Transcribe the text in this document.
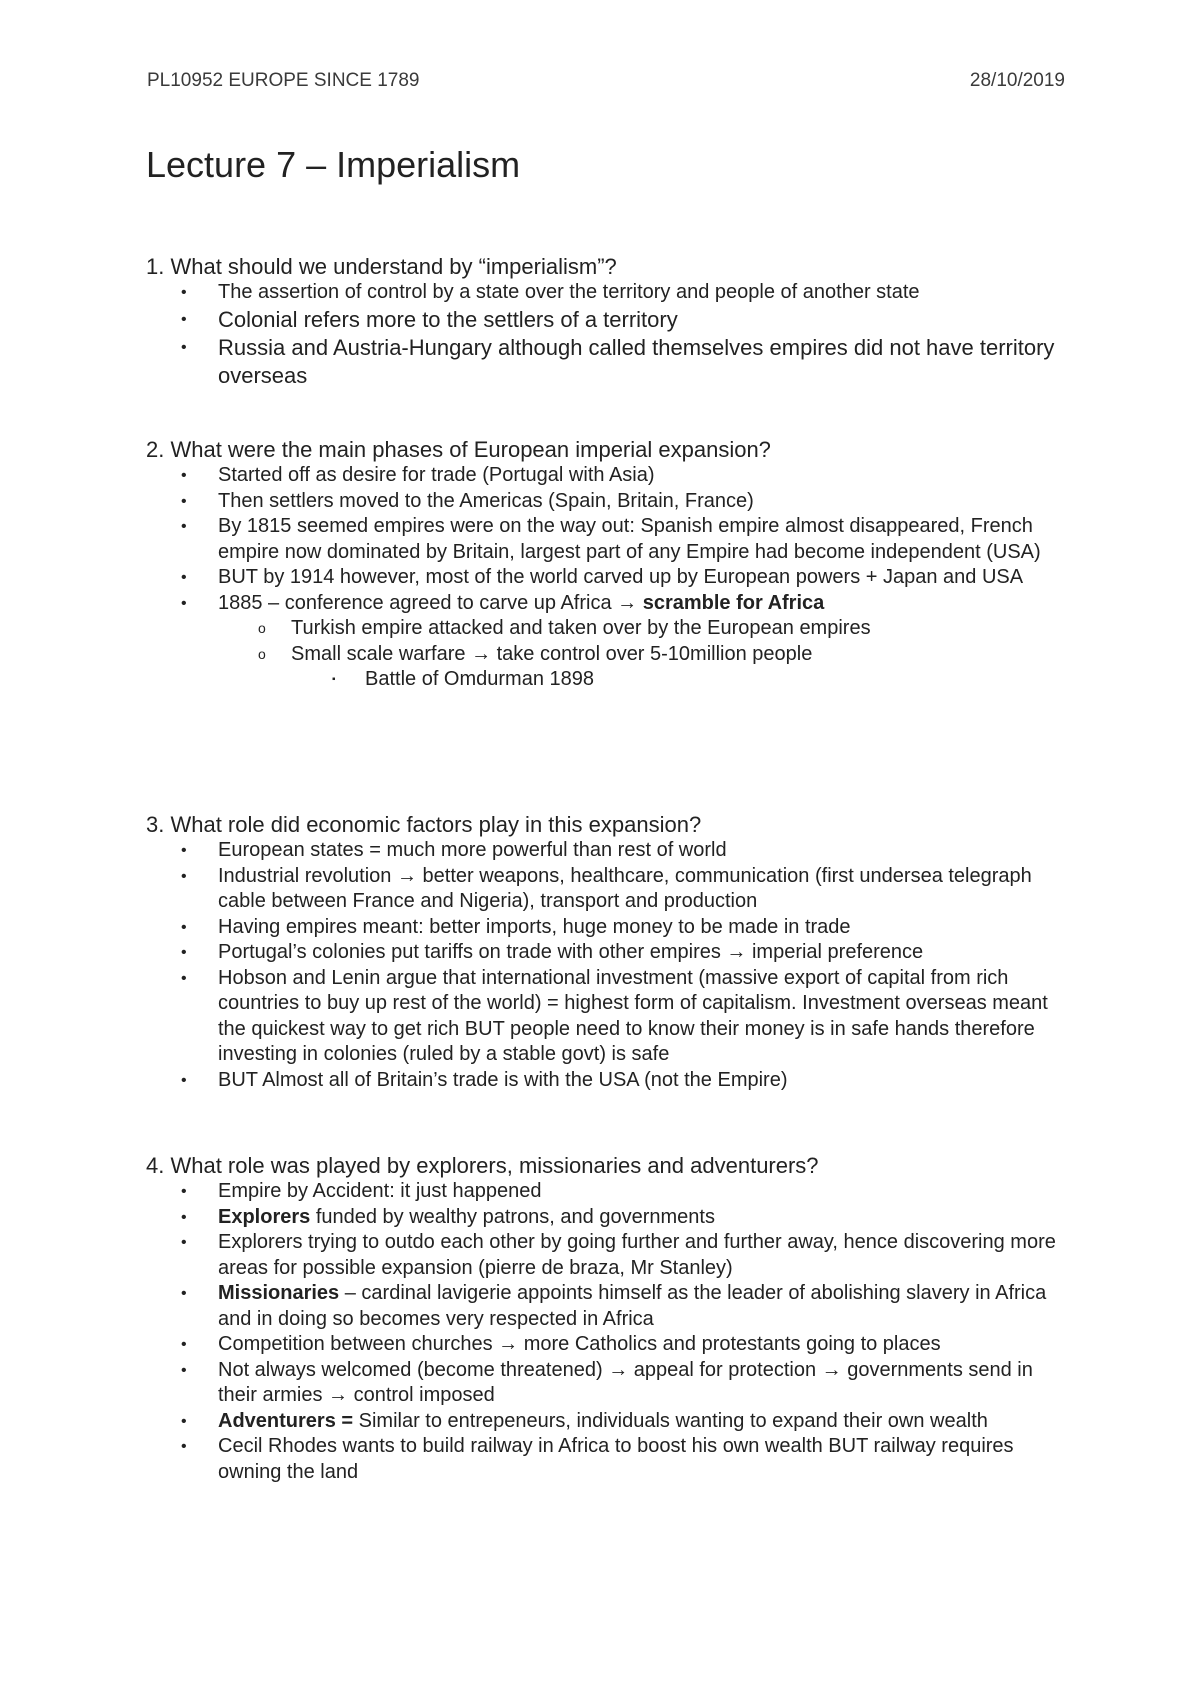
PL10952 EUROPE SINCE 1789	28/10/2019
Lecture 7 – Imperialism

1. What should we understand by “imperialism”?

• The assertion of control by a state over the territory and people of another state
• Colonial refers more to the settlers of a territory
• Russia and Austria-Hungary although called themselves empires did not have territory overseas

2. What were the main phases of European imperial expansion?

• Started off as desire for trade (Portugal with Asia)
• Then settlers moved to the Americas (Spain, Britain, France)
• By 1815 seemed empires were on the way out: Spanish empire almost disappeared, French empire now dominated by Britain, largest part of any Empire had become independent (USA)
• BUT by 1914 however, most of the world carved up by European powers + Japan and USA
• 1885 – conference agreed to carve up Africa → scramble for Africa
o Turkish empire attacked and taken over by the European empires
o Small scale warfare → take control over 5-10million people
▪ Battle of Omdurman 1898

3. What role did economic factors play in this expansion?

• European states = much more powerful than rest of world
• Industrial revolution → better weapons, healthcare, communication (first undersea telegraph cable between France and Nigeria), transport and production
• Having empires meant: better imports, huge money to be made in trade
• Portugal’s colonies put tariffs on trade with other empires → imperial preference
• Hobson and Lenin argue that international investment (massive export of capital from rich countries to buy up rest of the world) = highest form of capitalism. Investment overseas meant the quickest way to get rich BUT people need to know their money is in safe hands therefore investing in colonies (ruled by a stable govt) is safe
• BUT Almost all of Britain’s trade is with the USA (not the Empire)

4. What role was played by explorers, missionaries and adventurers?

• Empire by Accident: it just happened
• Explorers funded by wealthy patrons, and governments
• Explorers trying to outdo each other by going further and further away, hence discovering more areas for possible expansion (pierre de braza, Mr Stanley)
• Missionaries – cardinal lavigerie appoints himself as the leader of abolishing slavery in Africa and in doing so becomes very respected in Africa
• Competition between churches → more Catholics and protestants going to places
• Not always welcomed (become threatened) → appeal for protection → governments send in their armies → control imposed
• Adventurers = Similar to entrepeneurs, individuals wanting to expand their own wealth
• Cecil Rhodes wants to build railway in Africa to boost his own wealth BUT railway requires owning the land
